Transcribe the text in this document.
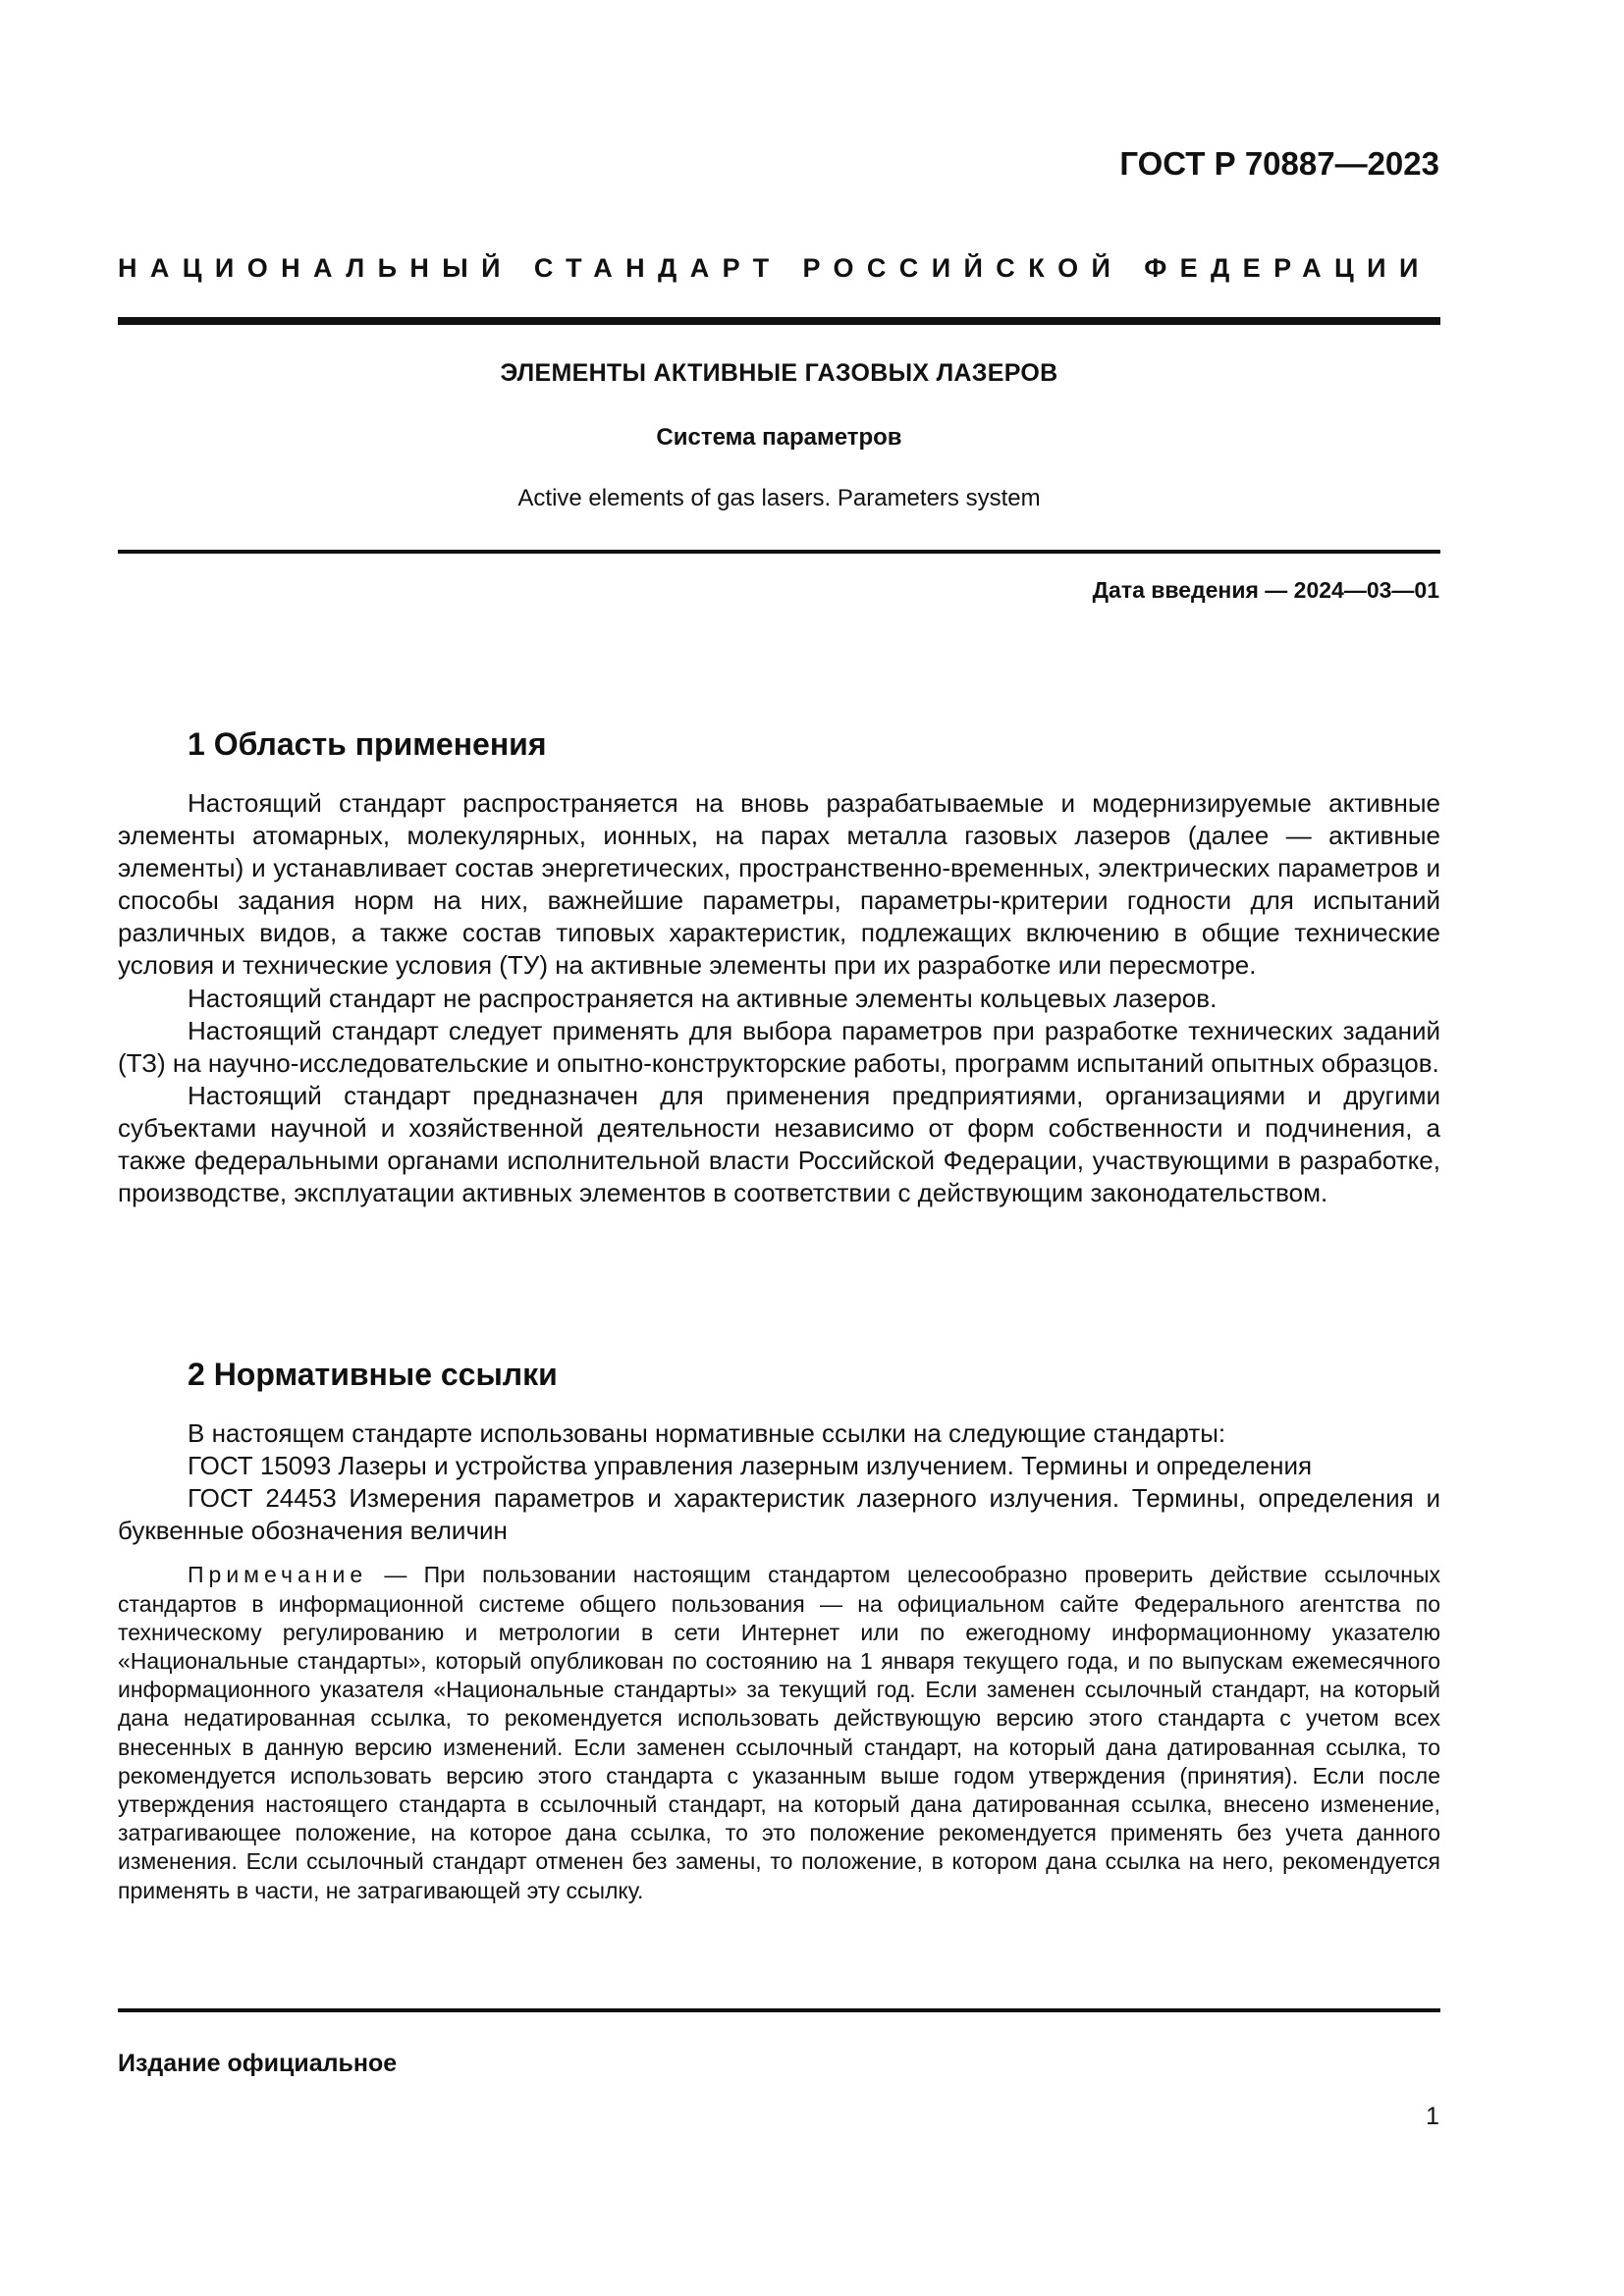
ГОСТ Р 70887—2023
НАЦИОНАЛЬНЫЙ СТАНДАРТ РОССИЙСКОЙ ФЕДЕРАЦИИ
ЭЛЕМЕНТЫ АКТИВНЫЕ ГАЗОВЫХ ЛАЗЕРОВ
Система параметров
Active elements of gas lasers. Parameters system
Дата введения — 2024—03—01
1 Область применения

Настоящий стандарт распространяется на вновь разрабатываемые и модернизируемые активные элементы атомарных, молекулярных, ионных, на парах металла газовых лазеров (далее — активные элементы) и устанавливает состав энергетических, пространственно-временных, электрических параметров и способы задания норм на них, важнейшие параметры, параметры-критерии годности для испытаний различных видов, а также состав типовых характеристик, подлежащих включению в общие технические условия и технические условия (ТУ) на активные элементы при их разработке или пересмотре.

Настоящий стандарт не распространяется на активные элементы кольцевых лазеров.

Настоящий стандарт следует применять для выбора параметров при разработке технических заданий (ТЗ) на научно-исследовательские и опытно-конструкторские работы, программ испытаний опытных образцов.

Настоящий стандарт предназначен для применения предприятиями, организациями и другими субъектами научной и хозяйственной деятельности независимо от форм собственности и подчинения, а также федеральными органами исполнительной власти Российской Федерации, участвующими в разработке, производстве, эксплуатации активных элементов в соответствии с действующим законодательством.

2 Нормативные ссылки

В настоящем стандарте использованы нормативные ссылки на следующие стандарты:

ГОСТ 15093 Лазеры и устройства управления лазерным излучением. Термины и определения

ГОСТ 24453 Измерения параметров и характеристик лазерного излучения. Термины, определения и буквенные обозначения величин

Примечание — При пользовании настоящим стандартом целесообразно проверить действие ссылочных стандартов в информационной системе общего пользования — на официальном сайте Федерального агентства по техническому регулированию и метрологии в сети Интернет или по ежегодному информационному указателю «Национальные стандарты», который опубликован по состоянию на 1 января текущего года, и по выпускам ежемесячного информационного указателя «Национальные стандарты» за текущий год. Если заменен ссылочный стандарт, на который дана недатированная ссылка, то рекомендуется использовать действующую версию этого стандарта с учетом всех внесенных в данную версию изменений. Если заменен ссылочный стандарт, на который дана датированная ссылка, то рекомендуется использовать версию этого стандарта с указанным выше годом утверждения (принятия). Если после утверждения настоящего стандарта в ссылочный стандарт, на который дана датированная ссылка, внесено изменение, затрагивающее положение, на которое дана ссылка, то это положение рекомендуется применять без учета данного изменения. Если ссылочный стандарт отменен без замены, то положение, в котором дана ссылка на него, рекомендуется применять в части, не затрагивающей эту ссылку.

Издание официальное
1
